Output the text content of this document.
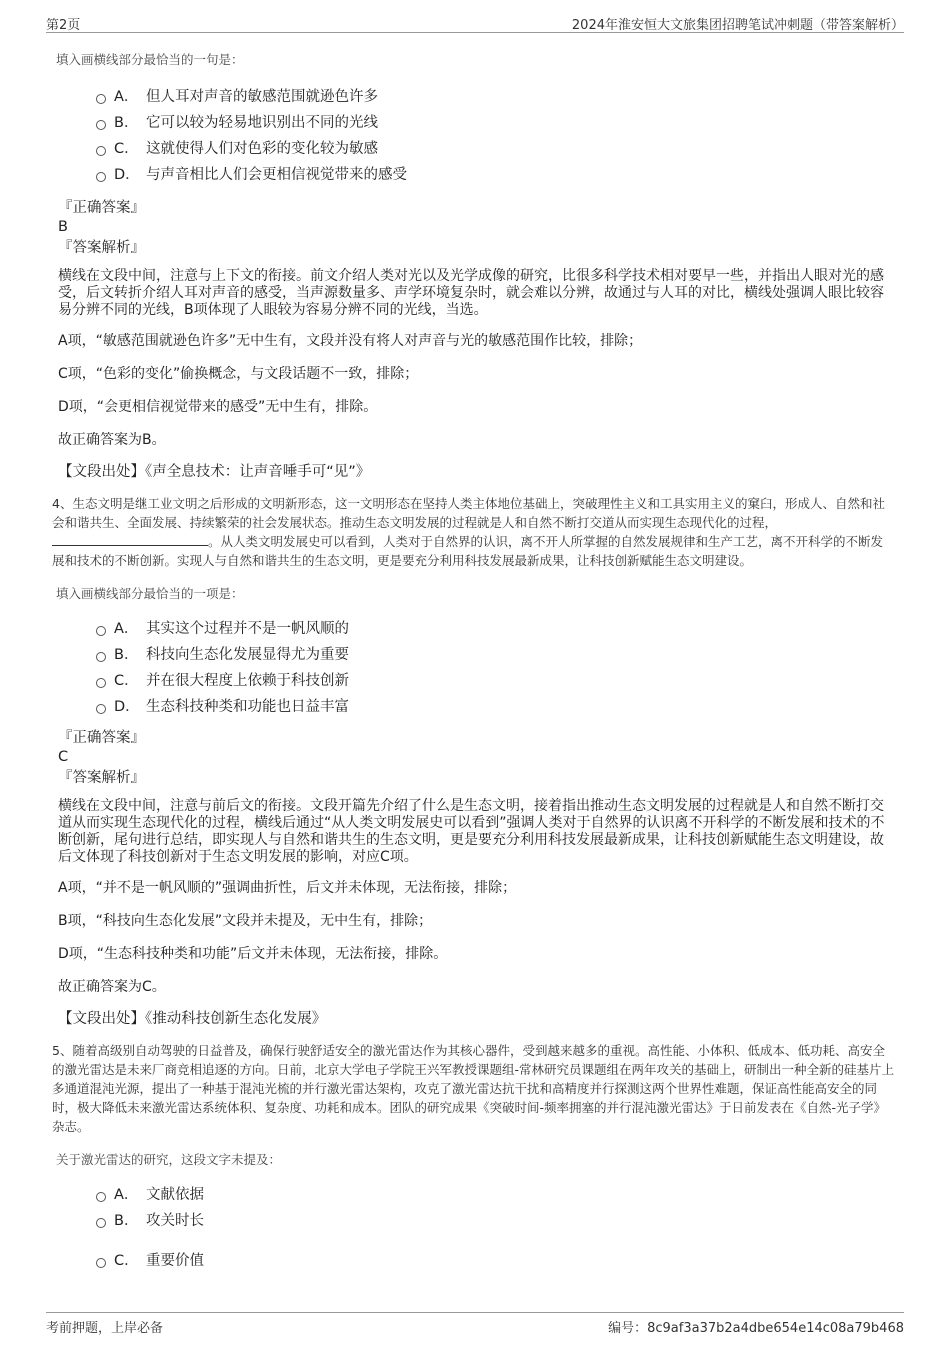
第2页	2024年淮安恒大文旅集团招聘笔试冲刺题（带答案解析）
填入画横线部分最恰当的一句是：
A． 但人耳对声音的敏感范围就逊色许多
B． 它可以较为轻易地识别出不同的光线
C． 这就使得人们对色彩的变化较为敏感
D． 与声音相比人们会更相信视觉带来的感受
『正确答案』
B
『答案解析』
横线在文段中间，注意与上下文的衔接。前文介绍人类对光以及光学成像的研究，比很多科学技术相对要早一些，并指出人眼对光的感受，后文转折介绍人耳对声音的感受，当声源数量多、声学环境复杂时，就会难以分辨，故通过与人耳的对比，横线处强调人眼比较容易分辨不同的光线，B项体现了人眼较为容易分辨不同的光线，当选。
A项，“敏感范围就逊色许多”无中生有，文段并没有将人对声音与光的敏感范围作比较，排除；
C项，“色彩的变化”偷换概念，与文段话题不一致，排除；
D项，“会更相信视觉带来的感受”无中生有，排除。
故正确答案为B。
【文段出处】《声全息技术：让声音唾手可“见”》
4、生态文明是继工业文明之后形成的文明新形态，这一文明形态在坚持人类主体地位基础上，突破理性主义和工具实用主义的窠臼，形成人、自然和社会和谐共生、全面发展、持续繁荣的社会发展状态。推动生态文明发展的过程就是人和自然不断打交道从而实现生态现代化的过程，。从人类文明发展史可以看到，人类对于自然界的认识，离不开人所掌握的自然发展规律和生产工艺，离不开科学的不断发展和技术的不断创新。实现人与自然和谐共生的生态文明，更是要充分利用科技发展最新成果，让科技创新赋能生态文明建设。
填入画横线部分最恰当的一项是：
A． 其实这个过程并不是一帆风顺的
B． 科技向生态化发展显得尤为重要
C． 并在很大程度上依赖于科技创新
D． 生态科技种类和功能也日益丰富
『正确答案』
C
『答案解析』
横线在文段中间，注意与前后文的衔接。文段开篇先介绍了什么是生态文明，接着指出推动生态文明发展的过程就是人和自然不断打交道从而实现生态现代化的过程，横线后通过“从人类文明发展史可以看到”强调人类对于自然界的认识离不开科学的不断发展和技术的不断创新，尾句进行总结，即实现人与自然和谐共生的生态文明，更是要充分利用科技发展最新成果，让科技创新赋能生态文明建设，故后文体现了科技创新对于生态文明发展的影响，对应C项。
A项，“并不是一帆风顺的”强调曲折性，后文并未体现，无法衔接，排除；
B项，“科技向生态化发展”文段并未提及，无中生有，排除；
D项，“生态科技种类和功能”后文并未体现，无法衔接，排除。
故正确答案为C。
【文段出处】《推动科技创新生态化发展》
5、随着高级别自动驾驶的日益普及，确保行驶舒适安全的激光雷达作为其核心器件，受到越来越多的重视。高性能、小体积、低成本、低功耗、高安全的激光雷达是未来厂商竞相追逐的方向。日前，北京大学电子学院王兴军教授课题组-常林研究员课题组在两年攻关的基础上，研制出一种全新的硅基片上多通道混沌光源，提出了一种基于混沌光梳的并行激光雷达架构，攻克了激光雷达抗干扰和高精度并行探测这两个世界性难题，保证高性能高安全的同时，极大降低未来激光雷达系统体积、复杂度、功耗和成本。团队的研究成果《突破时间-频率拥塞的并行混沌激光雷达》于日前发表在《自然-光子学》杂志。
关于激光雷达的研究，这段文字未提及：
A． 文献依据
B． 攻关时长
C． 重要价值
考前押题，上岸必备	编号：8c9af3a37b2a4dbe654e14c08a79b468
